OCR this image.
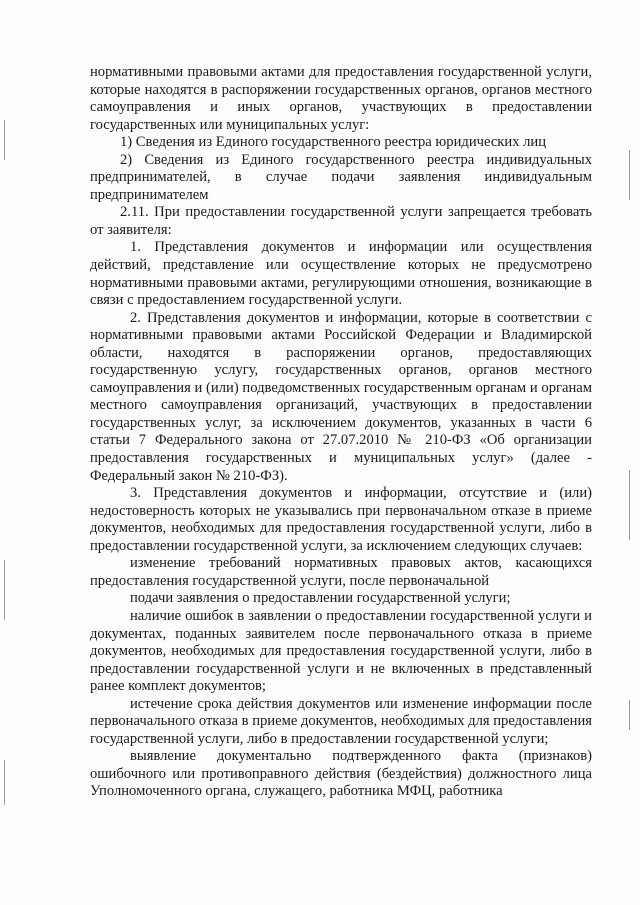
нормативными правовыми актами для предоставления государственной услуги, которые находятся в распоряжении государственных органов, органов местного самоуправления и иных органов, участвующих в предоставлении государственных или муниципальных услуг:

1) Сведения из Единого государственного реестра юридических лиц

2) Сведения из Единого государственного реестра индивидуальных предпринимателей, в случае подачи заявления индивидуальным предпринимателем

2.11. При предоставлении государственной услуги запрещается требовать от заявителя:

1. Представления документов и информации или осуществления действий, представление или осуществление которых не предусмотрено нормативными правовыми актами, регулирующими отношения, возникающие в связи с предоставлением государственной услуги.

2. Представления документов и информации, которые в соответствии с нормативными правовыми актами Российской Федерации и Владимирской области, находятся в распоряжении органов, предоставляющих государственную услугу, государственных органов, органов местного самоуправления и (или) подведомственных государственным органам и органам местного самоуправления организаций, участвующих в предоставлении государственных услуг, за исключением документов, указанных в части 6 статьи 7 Федерального закона от 27.07.2010 № 210-ФЗ «Об организации предоставления государственных и муниципальных услуг» (далее - Федеральный закон № 210-ФЗ).

3. Представления документов и информации, отсутствие и (или) недостоверность которых не указывались при первоначальном отказе в приеме документов, необходимых для предоставления государственной услуги, либо в предоставлении государственной услуги, за исключением следующих случаев:

изменение требований нормативных правовых актов, касающихся предоставления государственной услуги, после первоначальной

подачи заявления о предоставлении государственной услуги;

наличие ошибок в заявлении о предоставлении государственной услуги и документах, поданных заявителем после первоначального отказа в приеме документов, необходимых для предоставления государственной услуги, либо в предоставлении государственной услуги и не включенных в представленный ранее комплект документов;

истечение срока действия документов или изменение информации после первоначального отказа в приеме документов, необходимых для предоставления государственной услуги, либо в предоставлении государственной услуги;

выявление документально подтвержденного факта (признаков) ошибочного или противоправного действия (бездействия) должностного лица Уполномоченного органа, служащего, работника МФЦ, работника
